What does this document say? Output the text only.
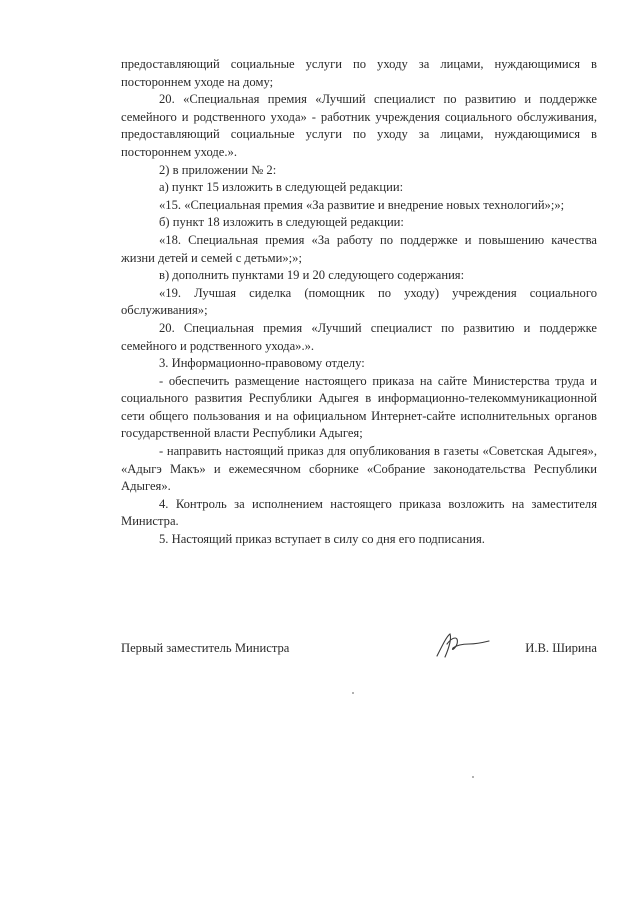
предоставляющий социальные услуги по уходу за лицами, нуждающимися в постороннем уходе на дому;

20. «Специальная премия «Лучший специалист по развитию и поддержке семейного и родственного ухода» - работник учреждения социального обслуживания, предоставляющий социальные услуги по уходу за лицами, нуждающимися в постороннем уходе.».

2) в приложении № 2:

а) пункт 15 изложить в следующей редакции:

«15. «Специальная премия «За развитие и внедрение новых технологий»;»;

б) пункт 18 изложить в следующей редакции:

«18. Специальная премия «За работу по поддержке и повышению качества жизни детей и семей с детьми»;»;

в) дополнить пунктами 19 и 20 следующего содержания:

«19. Лучшая сиделка (помощник по уходу) учреждения социального обслуживания»;

20. Специальная премия «Лучший специалист по развитию и поддержке семейного и родственного ухода».».

3. Информационно-правовому отделу:

- обеспечить размещение настоящего приказа на сайте Министерства труда и социального развития Республики Адыгея в информационно-телекоммуникационной сети общего пользования и на официальном Интернет-сайте исполнительных органов государственной власти Республики Адыгея;

- направить настоящий приказ для опубликования в газеты «Советская Адыгея», «Адыгэ Макъ» и ежемесячном сборнике «Собрание законодательства Республики Адыгея».

4. Контроль за исполнением настоящего приказа возложить на заместителя Министра.

5. Настоящий приказ вступает в силу со дня его подписания.

Первый заместитель Министра	И.В. Ширина
